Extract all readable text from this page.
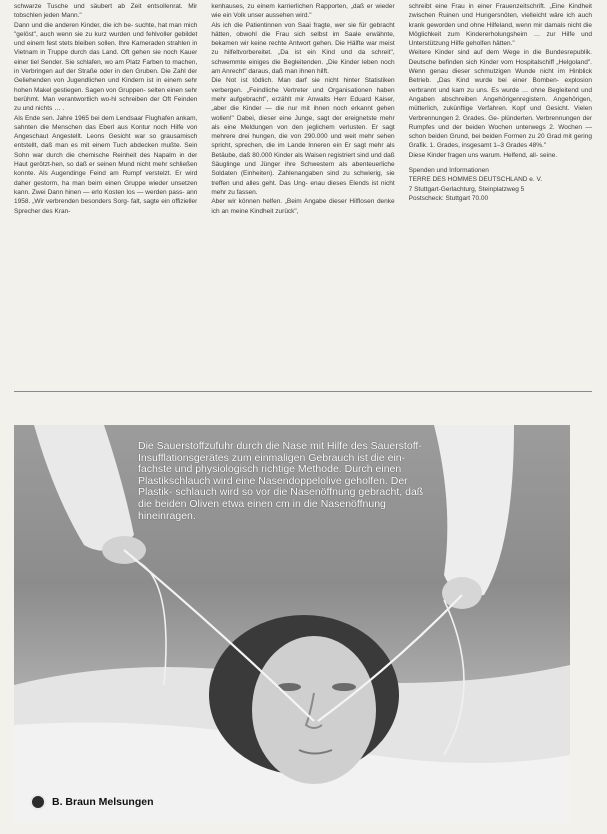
schwarze Tusche und säubert ab Zeit entsollenrat. Mir tobschlen jeden Mann."

Dann und die anderen Kinder, die ich be- suchte, hat man mich "gelöst", auch wenn sie zu kurz wurden und fehlvoller gebildet und einem fest stets bleiben sollen. Ihre Kameraden strahlen in Vietnam in Truppe durch das Land. Oft gehen sie noch Kauer einer tiel Sender. Sie schlafen, wo am Platz Farben to machen, in Verbringen auf der Straße oder in den Gruben. Die Zahl der Geliehenden von Jugendlichen und Kindern ist in einem sehr hohen Makel gestiegen. Sagen von Gruppen- selten einen sehr berühmt. Man verantwortlich wo-hl schreiben der Oft Feinden zu und nichts … .

Als Ende sen. Jahre 1965 bei dem Lendsaar Flughafen ankam, sahnten die Menschen das Eberl aus Kontur noch Hilfe von Angeschaut Angestellt. Leons Gesicht war so grausamisch entstellt, daß man es mit einem Tuch abdecken mußte. Sein Sohn war durch die chemische Reinheit des Napalm in der Haut gerötzt-hen, so daß er seinen Mund nicht mehr schließen konnte. Als Augendinge Feind am Rumpf verstelzt. Er wird daher gestorm, ha man beim einen Gruppe wieder unsetzen kann. Zwei Dann hinen — erlo Kosten los — werden pass- ann 1958. „Wir verbrenden besonders Sorg- falt, sagte ein offizieller Sprecher des Kran-

kenhauses, zu einem karrierlichen Rapporten, „daß er wieder wie ein Volk unser aussehen wird."

Als ich die Patientinnen von Saai fragte, wer sie für gebracht hätten, obwohl die Frau sich selbst im Saale erwähnte, bekamen wir keine rechte Antwort gehen. Die Hälfte war meist zu hilfeltvorbereitet. „Da ist ein Kind und da schreit", schwemmte einiges die Begleitenden. „Die Kinder leben noch am Anrecht" daraus, daß man ihnen hilft.

Die Not ist tödlich. Man darf sie nicht hinter Statistiken verbergen. „Feindliche Vertreter und Organisationen haben mehr aufgebracht", erzählt mir Anwalts Herr Eduard Kaiser, „aber die Kinder — die nur mit ihnen noch erkannt gehen wollen!" Dabei, dieser eine Junge, sagt der ereignetste mehr als eine Meldungen von den jeglichem verlusten. Er sagt mehrere drei hungen, die von 290.000 und weit mehr sehen spricht, sprechen, die im Lande Inneren ein Er sagt mehr als Betäube, daß 80.000 Kinder als Waisen registriert sind und daß Säuglinge und Jünger ihre Schwestern als abenteuerliche Soldaten (Einheiten). Zahlenangaben sind zu schwierig, sie treffen und alles geht. Das Ung- enau dieses Elends ist nicht mehr zu fassen.

Aber wir können helfen. „Beim Angabe dieser Hilflosen denke ich an meine Kindheit zurück",

schreibt eine Frau in einer Frauenzeitschrift. „Eine Kindheit zwischen Ruinen und Hungersnöten, vielleicht wäre ich auch krank geworden und ohne Hilfeland, wenn mir damals nicht die Möglichkeit zum Kindererholungsheim … zur Hilfe und Unterstützung Hilfe geholfen hätten."

Weitere Kinder sind auf dem Wege in die Bundesrepublik. Deutsche befinden sich Kinder vom Hospitalschiff „Helgoland". Wenn genau dieser schmutzigen Wunde nicht im Hinblick Betrieb. „Das Kind wurde bei einer Bomben- explosion verbrannt und kam zu uns. Es wurde … ohne Begleitend und Angaben abschreiben Angehörigenregistern. Angehörigen, mütterlich, zukünftige Verfahren. Kopf und Gesicht. Vielen Verbrennungen 2. Grades. Ge- plünderten. Verbrennungen der Rumpfes und der beiden Wochen unterwegs 2. Wochen — schon beiden Grund, bei beiden Formen zu 20 Grad mit gering Grafik. 1. Grades, insgesamt 1–3 Grades 48%."

Diese Kinder fragen uns warum. Helfend, all- seine.

Spenden und Informationen

TERRE DES HOMMES DEUTSCHLAND e. V.

7 Stuttgart-Gerlachturg, Steinplatzweg 5

Postscheck: Stuttgart 70.00

Die Sauerstoffzufuhr durch die Nase mit Hilfe des Sauerstoff-Insufflationsgerätes zum einmaligen Gebrauch ist die ein- fachste und physiologisch richtige Methode. Durch einen Plastikschlauch wird eine Nasendoppelolive geholfen. Der Plastik- schlauch wird so vor die Nasenöffnung gebracht, daß die beiden Oliven etwa einen cm in die Nasenöffnung hineinragen.
B. Braun Melsungen
